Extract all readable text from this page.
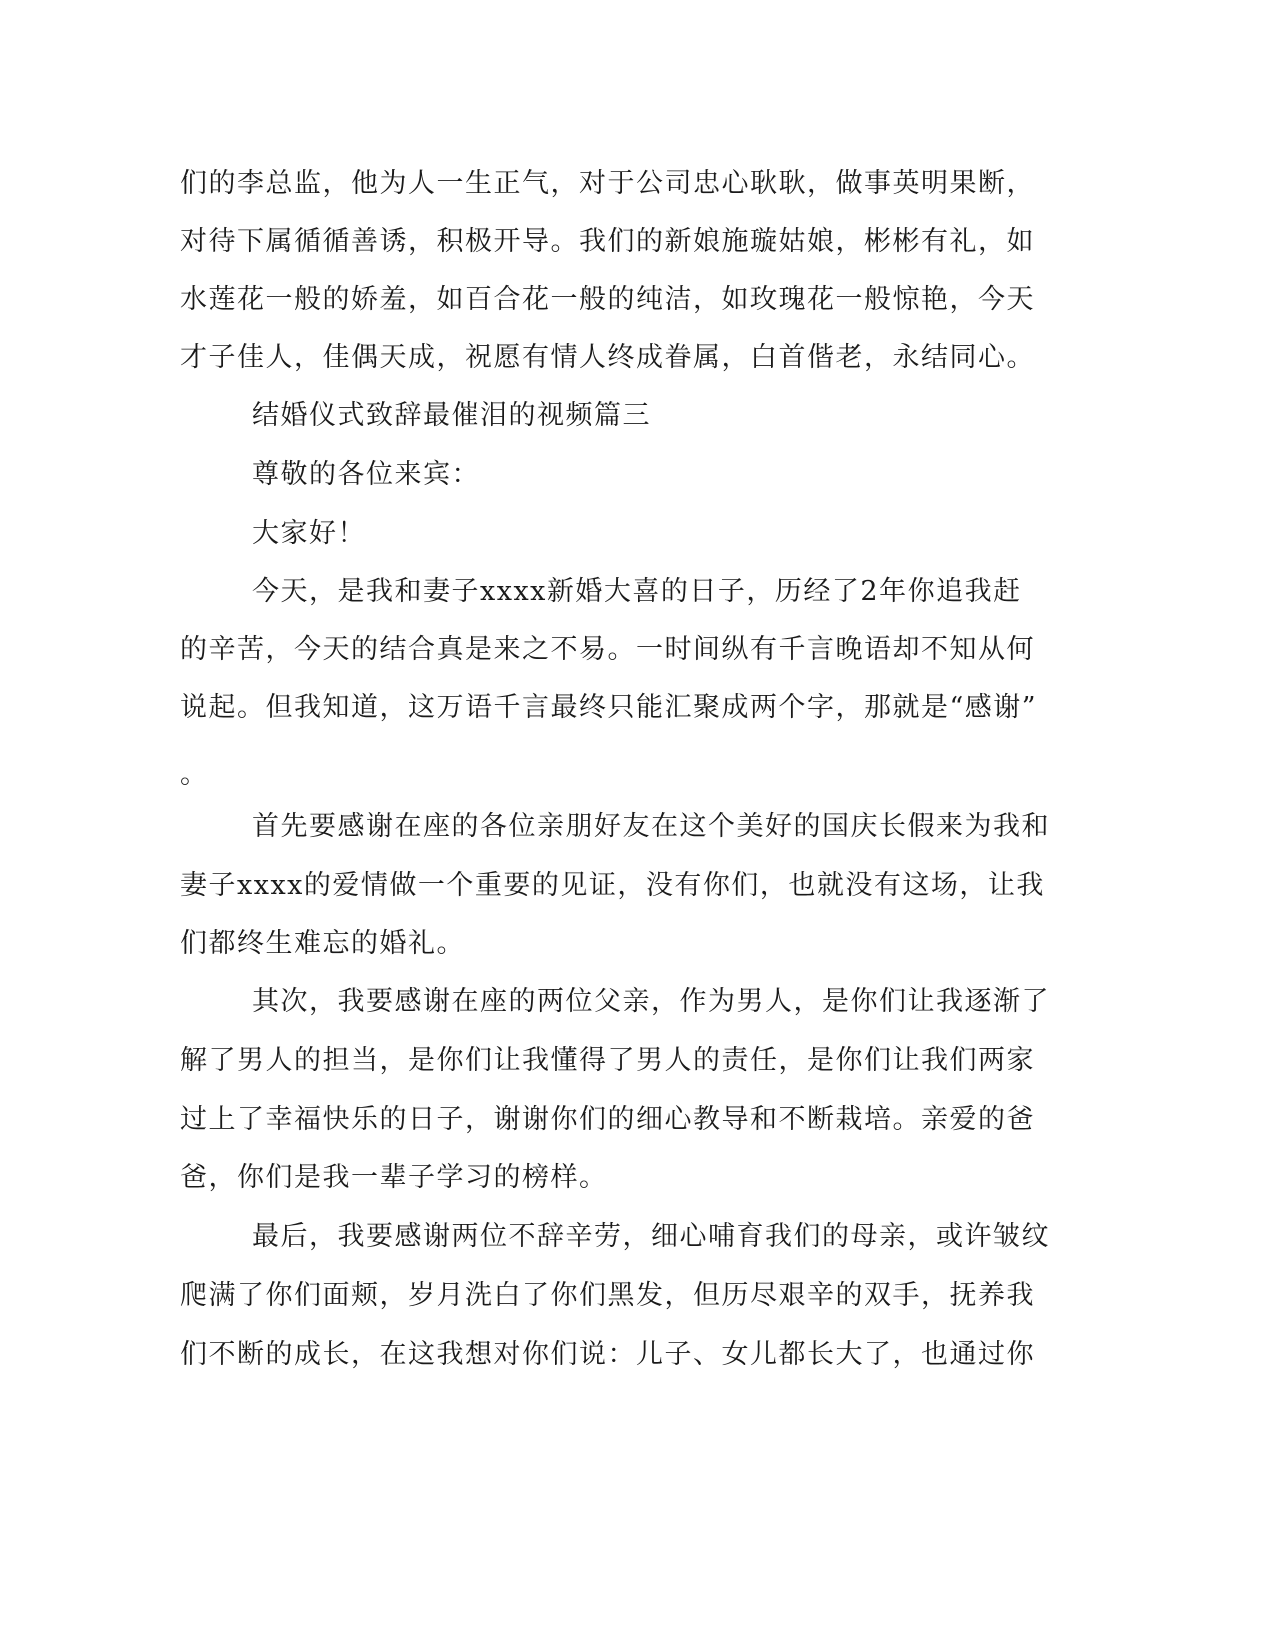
们的李总监，他为人一生正气，对于公司忠心耿耿，做事英明果断，
对待下属循循善诱，积极开导。我们的新娘施璇姑娘，彬彬有礼，如
水莲花一般的娇羞，如百合花一般的纯洁，如玫瑰花一般惊艳，今天
才子佳人，佳偶天成，祝愿有情人终成眷属，白首偕老，永结同心。
结婚仪式致辞最催泪的视频篇三
尊敬的各位来宾：
大家好！
今天，是我和妻子xxxx新婚大喜的日子，历经了2年你追我赶
的辛苦，今天的结合真是来之不易。一时间纵有千言晚语却不知从何
说起。但我知道，这万语千言最终只能汇聚成两个字，那就是“感谢”
。
首先要感谢在座的各位亲朋好友在这个美好的国庆长假来为我和
妻子xxxx的爱情做一个重要的见证，没有你们，也就没有这场，让我
们都终生难忘的婚礼。
其次，我要感谢在座的两位父亲，作为男人，是你们让我逐渐了
解了男人的担当，是你们让我懂得了男人的责任，是你们让我们两家
过上了幸福快乐的日子，谢谢你们的细心教导和不断栽培。亲爱的爸
爸，你们是我一辈子学习的榜样。
最后，我要感谢两位不辞辛劳，细心哺育我们的母亲，或许皱纹
爬满了你们面颊，岁月洗白了你们黑发，但历尽艰辛的双手，抚养我
们不断的成长，在这我想对你们说：儿子、女儿都长大了，也通过你
